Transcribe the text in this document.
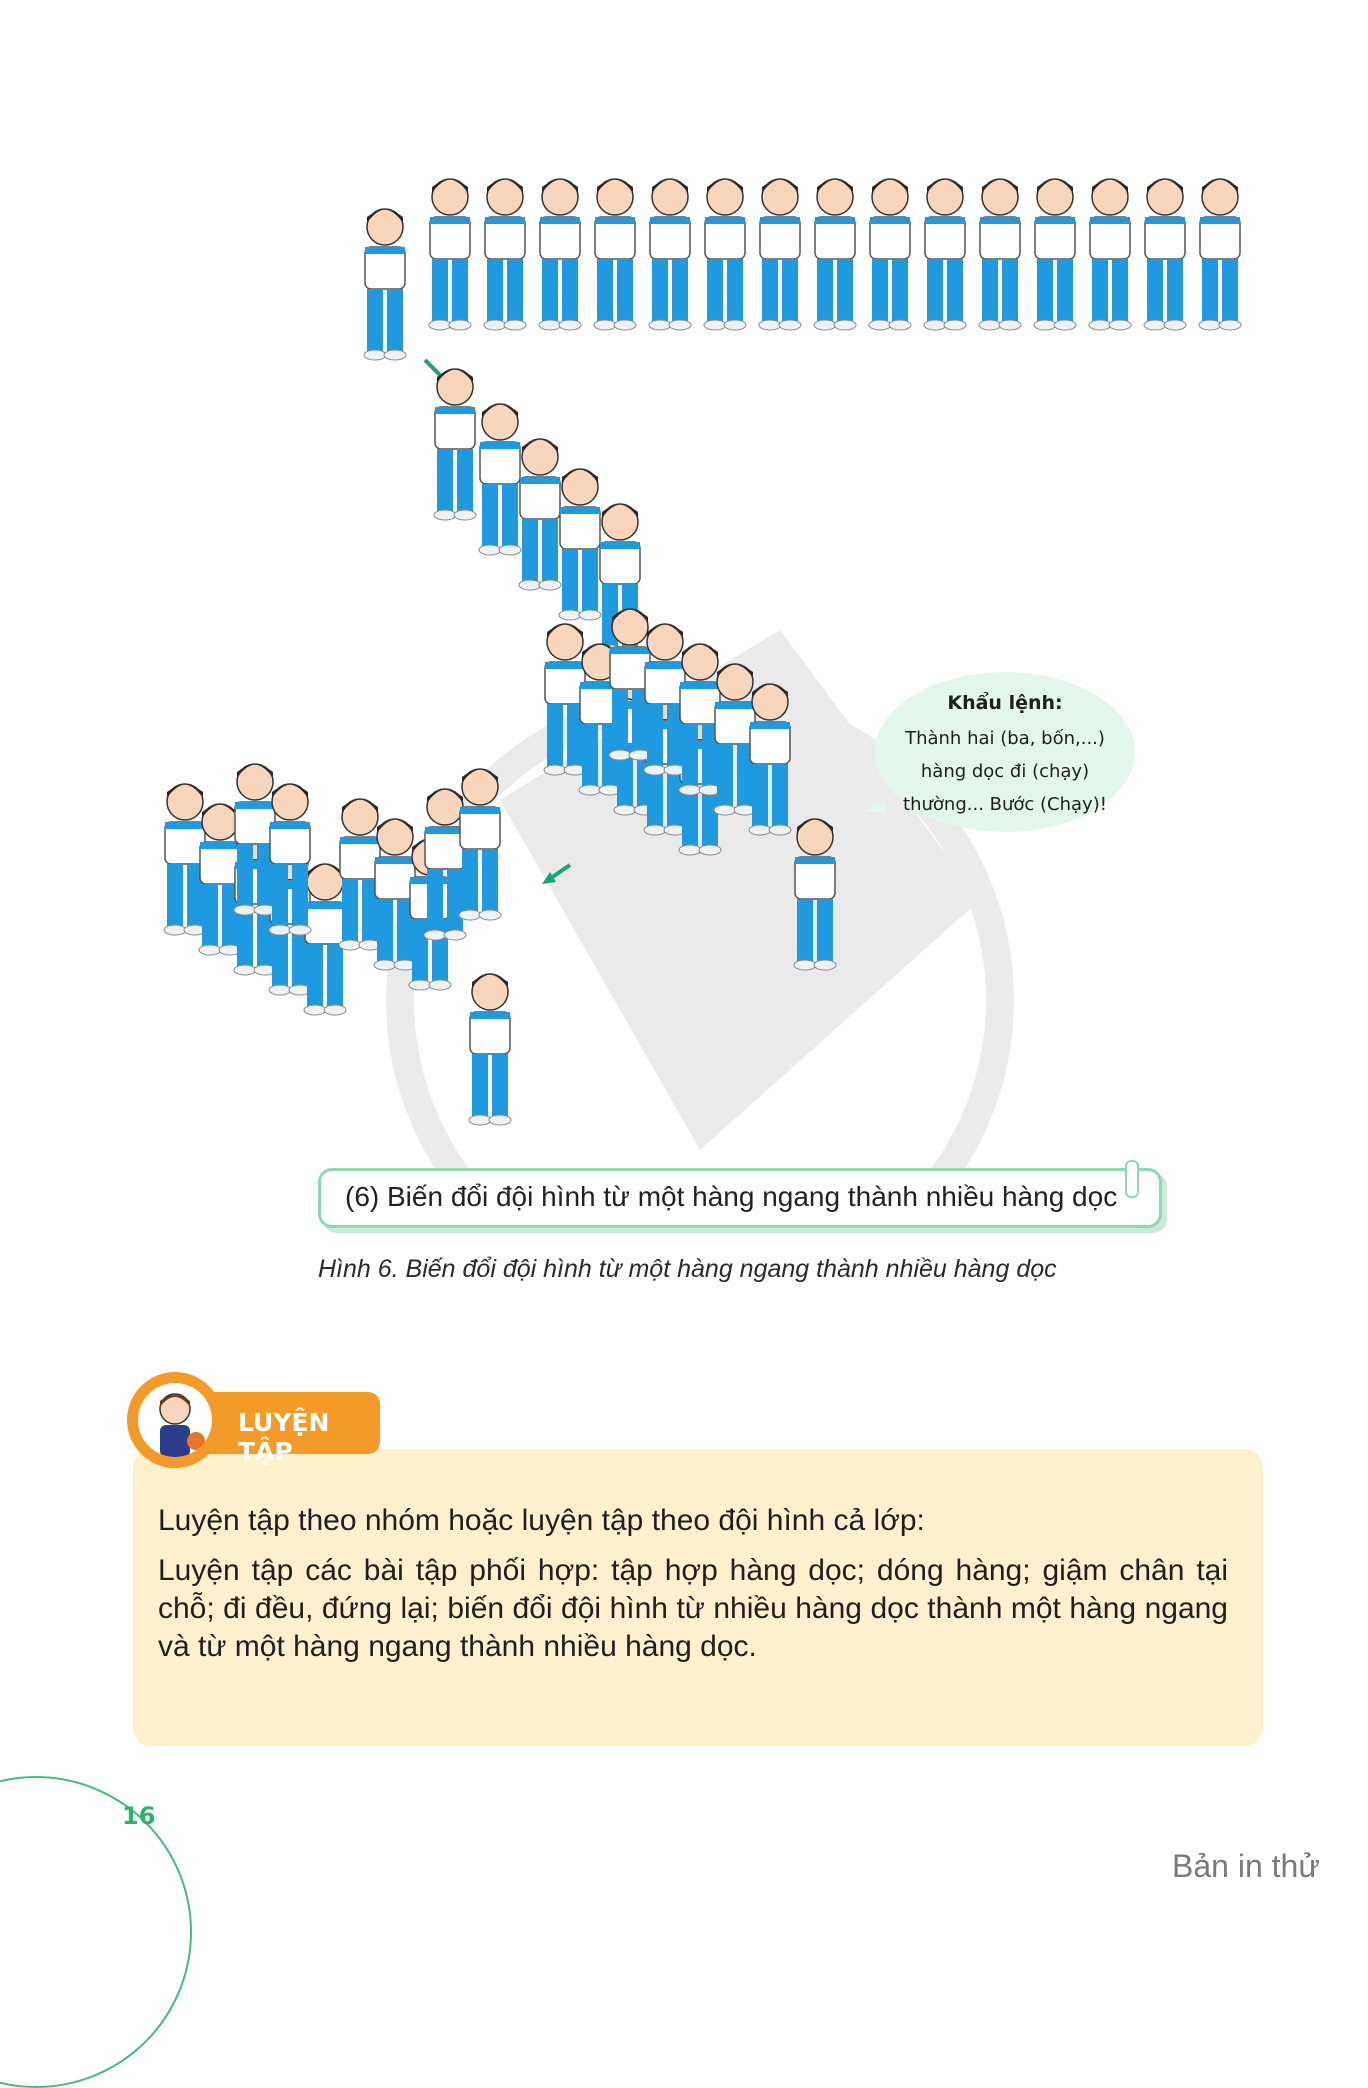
Khẩu lệnh:
Thành hai (ba, bốn,...)
hàng dọc đi (chạy)
thường... Bước (Chạy)!
(6) Biến đổi đội hình từ một hàng ngang thành nhiều hàng dọc
Hình 6. Biến đổi đội hình từ một hàng ngang thành nhiều hàng dọc
LUYỆN TẬP
Luyện tập theo nhóm hoặc luyện tập theo đội hình cả lớp:
Luyện tập các bài tập phối hợp: tập hợp hàng dọc; dóng hàng; giậm chân tại chỗ; đi đều, đứng lại; biến đổi đội hình từ nhiều hàng dọc thành một hàng ngang và từ một hàng ngang thành nhiều hàng dọc.
16
Bản in thử
